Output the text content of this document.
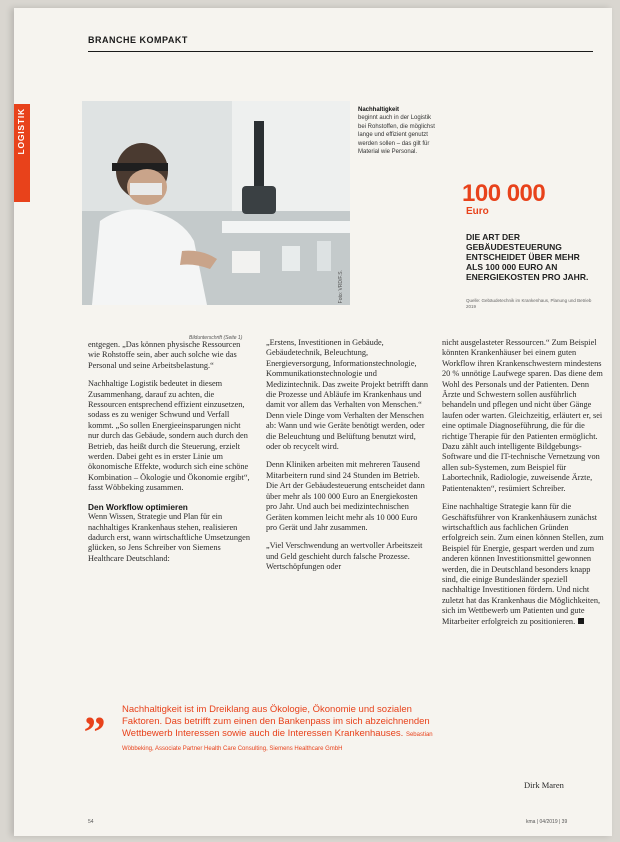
BRANCHE KOMPAKT
LOGISTIK
Foto: VRD/F.S.
Nachhaltigkeit
beginnt auch in der Logistik bei Rohstoffen, die möglichst lange und effizient genutzt werden sollen – das gilt für Material wie Personal.
100 000
Euro
DIE ART DER GEBÄUDESTEUERUNG ENTSCHEIDET ÜBER MEHR ALS 100 000 EURO AN ENERGIEKOSTEN PRO JAHR.
Quelle: Gebäudetechnik im Krankenhaus, Planung und Betrieb 2019
Bildunterschrift (Seite 1)

entgegen. „Das können physische Ressourcen wie Rohstoffe sein, aber auch solche wie das Personal und seine Arbeitsbelastung.“

Nachhaltige Logistik bedeutet in diesem Zusammenhang, darauf zu achten, die Ressourcen entsprechend effizient einzusetzen, sodass es zu weniger Schwund und Verfall kommt. „So sollen Energieeinsparungen nicht nur durch das Gebäude, sondern auch durch den Betrieb, das heißt durch die Steuerung, erzielt werden. Dabei geht es in erster Linie um ökonomische Effekte, wodurch sich eine schöne Kombination – Ökologie und Ökonomie ergibt“, fasst Wöbbeking zusammen.

Den Workflow optimieren

Wenn Wissen, Strategie und Plan für ein nachhaltiges Krankenhaus stehen, realisieren dadurch erst, wann wirtschaftliche Umsetzungen glücken, so Jens Schreiber von Siemens Healthcare Deutschland:

„Erstens, Investitionen in Gebäude, Gebäudetechnik, Beleuchtung, Energieversorgung, Informationstechnologie, Kommunikationstechnologie und Medizintechnik. Das zweite Projekt betrifft dann die Prozesse und Abläufe im Krankenhaus und damit vor allem das Verhalten von Menschen.“ Denn viele Dinge vom Verhalten der Menschen ab: Wann und wie Geräte benötigt werden, oder die Beleuchtung und Belüftung benutzt wird, oder ob recycelt wird.

Denn Kliniken arbeiten mit mehreren Tausend Mitarbeitern rund sind 24 Stunden im Betrieb. Die Art der Gebäudesteuerung entscheidet dann über mehr als 100 000 Euro an Energiekosten pro Jahr. Und auch bei medizintechnischen Geräten kommen leicht mehr als 10 000 Euro pro Gerät und Jahr zusammen.

„Viel Verschwendung an wertvoller Arbeitszeit und Geld geschieht durch falsche Prozesse. Wertschöpfungen oder

nicht ausgelasteter Ressourcen.“ Zum Beispiel könnten Krankenhäuser bei einem guten Workflow ihren Krankenschwestern mindestens 20 % unnötige Laufwege sparen. Das diene dem Wohl des Personals und der Patienten. Denn Ärzte und Schwestern sollen ausführlich behandeln und pflegen und nicht über Gänge laufen oder warten. Gleichzeitig, erläutert er, sei eine optimale Diagnoseführung, die für die richtige Therapie für den Patienten ermöglicht. Dazu zählt auch intelligente Bildgebungs-Software und die IT-technische Vernetzung von allen sub-Systemen, zum Beispiel für Labortechnik, Radiologie, zuweisende Ärzte, Patientenakten“, resümiert Schreiber.

Eine nachhaltige Strategie kann für die Geschäftsführer von Krankenhäusern zunächst wirtschaftlich aus fachlichen Gründen erfolgreich sein. Zum einen können Stellen, zum Beispiel für Energie, gespart werden und zum anderen können Investitionsmittel gewonnen werden, die in Deutschland besonders knapp sind, die einige Bundesländer speziell nachhaltige Investitionen fördern. Und nicht zuletzt hat das Krankenhaus die Möglichkeiten, sich im Wettbewerb um Patienten und gute Mitarbeiter erfolgreich zu positionieren.

Dirk Maren
„ Nachhaltigkeit ist im Dreiklang aus Ökologie, Ökonomie und sozialen Faktoren. Das betrifft zum einen den Bankenpass im sich abzeichnenden Wettbewerb Interessen sowie auch die Interessen Krankenhauses. Sebastian Wöbbeking, Associate Partner Health Care Consulting, Siemens Healthcare GmbH
54	kma | 04/2019 | 39
